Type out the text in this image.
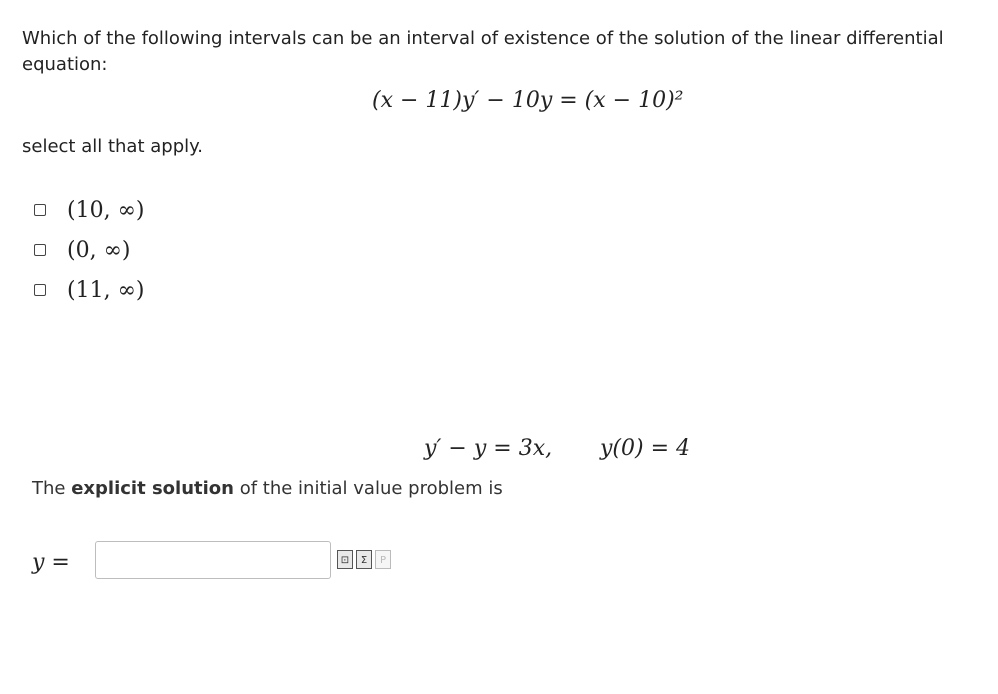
Which of the following intervals can be an interval of existence of the solution of the linear differential equation:
(x − 11)y′ − 10y = (x − 10)²
select all that apply.
(10, ∞)
(0, ∞)
(11, ∞)
y′ − y = 3x, y(0) = 4
The explicit solution of the initial value problem is
y =	⊡	Σ	P
